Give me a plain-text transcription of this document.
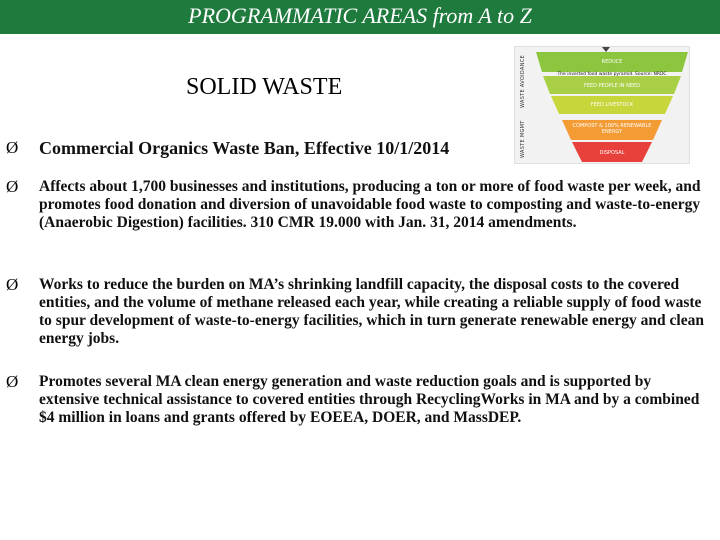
PROGRAMMATIC AREAS from A to Z
SOLID WASTE	WASTE AVOIDANCE
WASTE MGMT
REDUCE
The inverted food waste pyramid. Source: NRDC
FEED PEOPLE IN NEED
FEED LIVESTOCK
COMPOST & 100% RENEWABLE ENERGY
DISPOSAL
Ø	Commercial Organics Waste Ban, Effective 10/1/2014
Ø	Affects about 1,700 businesses and institutions, producing a ton or more of food waste per week, and promotes food donation and diversion of unavoidable food waste to composting and waste-to-energy (Anaerobic Digestion) facilities. 310 CMR 19.000 with Jan. 31, 2014 amendments.
Ø	Works to reduce the burden on MA’s shrinking landfill capacity, the disposal costs to the covered entities, and the volume of methane released each year, while creating a reliable supply of food waste to spur development of waste-to-energy facilities, which in turn generate renewable energy and clean energy jobs.
Ø	Promotes several MA clean energy generation and waste reduction goals and is supported by extensive technical assistance to covered entities through RecyclingWorks in MA and by a combined $4 million in loans and grants offered by EOEEA, DOER, and MassDEP.
